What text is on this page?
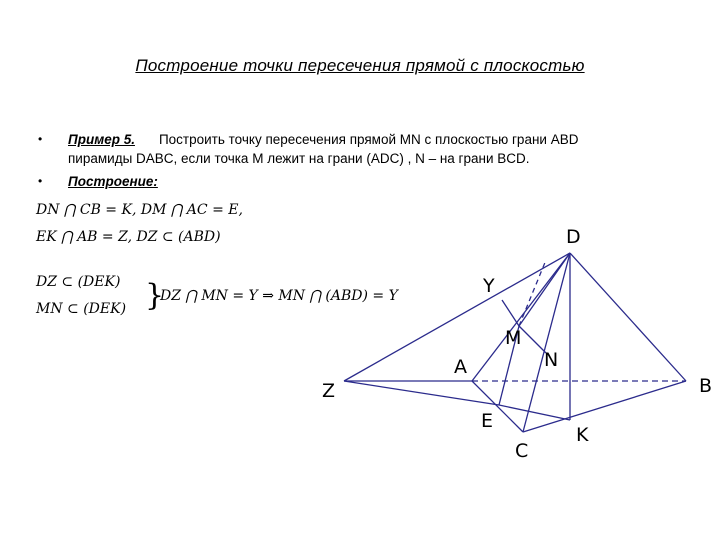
Построение точки пересечения прямой с плоскостью
• Пример 5. Построить точку пересечения прямой MN с плоскостью грани ABD
пирамиды DABC, если точка M лежит на грани (ADC) , N – на грани BCD.
• Построение:
DN ⋂ CB = K, DM ⋂ AC = E,
EK ⋂ AB = Z, DZ ⊂ (ABD)
DZ ⊂ (DEK)
MN ⊂ (DEK) }
DZ ⋂ MN = Y ⇒ MN ⋂ (ABD) = Y
D
Y
M
N
A
Z	B
E
K
C
